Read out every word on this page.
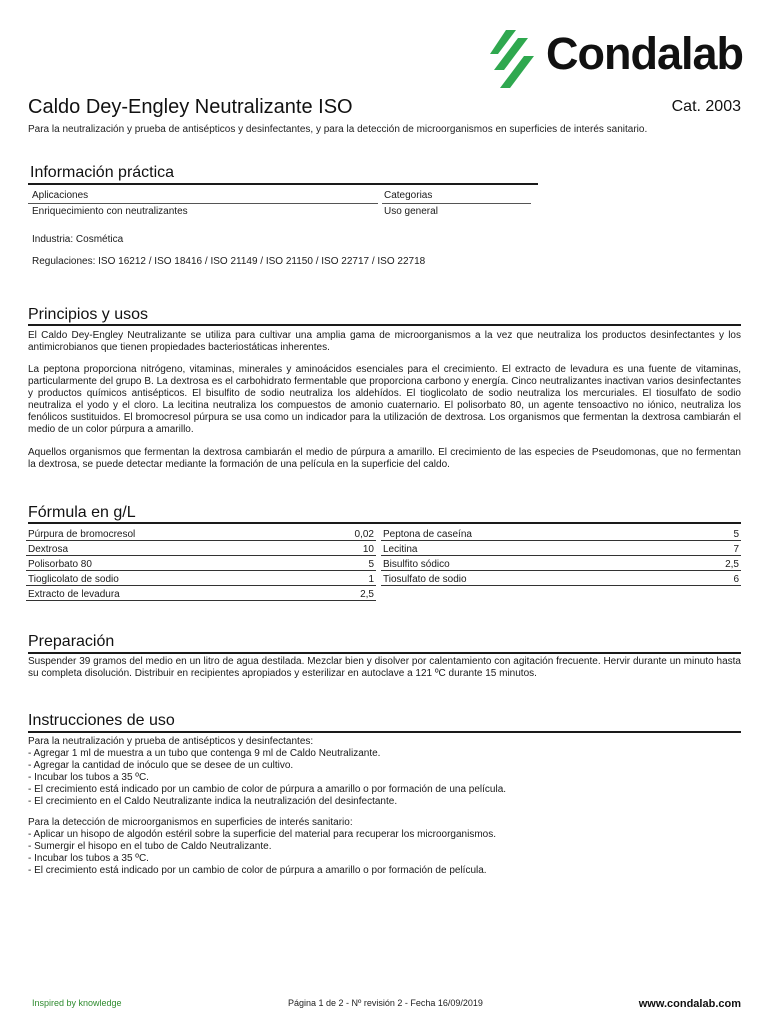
Condalab
Caldo Dey-Engley Neutralizante ISO	Cat. 2003
Para la neutralización y prueba de antisépticos y desinfectantes, y para la detección de microorganismos en superficies de interés sanitario.
Información práctica
Aplicaciones	Categorias
Enriquecimiento con neutralizantes	Uso general
Industria: Cosmética
Regulaciones: ISO 16212 / ISO 18416 / ISO 21149 / ISO 21150 / ISO 22717 / ISO 22718
Principios y usos
El Caldo Dey-Engley Neutralizante se utiliza para cultivar una amplia gama de microorganismos a la vez que neutraliza los productos desinfectantes y los antimicrobianos que tienen propiedades bacteriostáticas inherentes.
La peptona proporciona nitrógeno, vitaminas, minerales y aminoácidos esenciales para el crecimiento. El extracto de levadura es una fuente de vitaminas, particularmente del grupo B. La dextrosa es el carbohidrato fermentable que proporciona carbono y energía. Cinco neutralizantes inactivan varios desinfectantes y productos químicos antisépticos. El bisulfito de sodio neutraliza los aldehídos. El tioglicolato de sodio neutraliza los mercuriales. El tiosulfato de sodio neutraliza el yodo y el cloro. La lecitina neutraliza los compuestos de amonio cuaternario. El polisorbato 80, un agente tensoactivo no iónico, neutraliza los fenólicos sustituidos. El bromocresol púrpura se usa como un indicador para la utilización de dextrosa. Los organismos que fermentan la dextrosa cambiarán el medio de un color púrpura a amarillo.
Aquellos organismos que fermentan la dextrosa cambiarán el medio de púrpura a amarillo. El crecimiento de las especies de Pseudomonas, que no fermentan la dextrosa, se puede detectar mediante la formación de una película en la superficie del caldo.
Fórmula en g/L
Púrpura de bromocresol	0,02
Dextrosa	10
Polisorbato 80	5
Tioglicolato de sodio	1
Extracto de levadura	2,5
Peptona de caseína	5
Lecitina	7
Bisulfito sódico	2,5
Tiosulfato de sodio	6
Preparación
Suspender 39 gramos del medio en un litro de agua destilada. Mezclar bien y disolver por calentamiento con agitación frecuente. Hervir durante un minuto hasta su completa disolución. Distribuir en recipientes apropiados y esterilizar en autoclave a 121 ºC durante 15 minutos.
Instrucciones de uso
Para la neutralización y prueba de antisépticos y desinfectantes:
- Agregar 1 ml de muestra a un tubo que contenga 9 ml de Caldo Neutralizante.
- Agregar la cantidad de inóculo que se desee de un cultivo.
- Incubar los tubos a 35 ºC.
- El crecimiento está indicado por un cambio de color de púrpura a amarillo o por formación de una película.
- El crecimiento en el Caldo Neutralizante indica la neutralización del desinfectante.
Para la detección de microorganismos en superficies de interés sanitario:
- Aplicar un hisopo de algodón estéril sobre la superficie del material para recuperar los microorganismos.
- Sumergir el hisopo en el tubo de Caldo Neutralizante.
- Incubar los tubos a 35 ºC.
- El crecimiento está indicado por un cambio de color de púrpura a amarillo o por formación de película.
Inspired by knowledge	Página 1 de 2 - Nº revisión 2 - Fecha 16/09/2019	www.condalab.com
